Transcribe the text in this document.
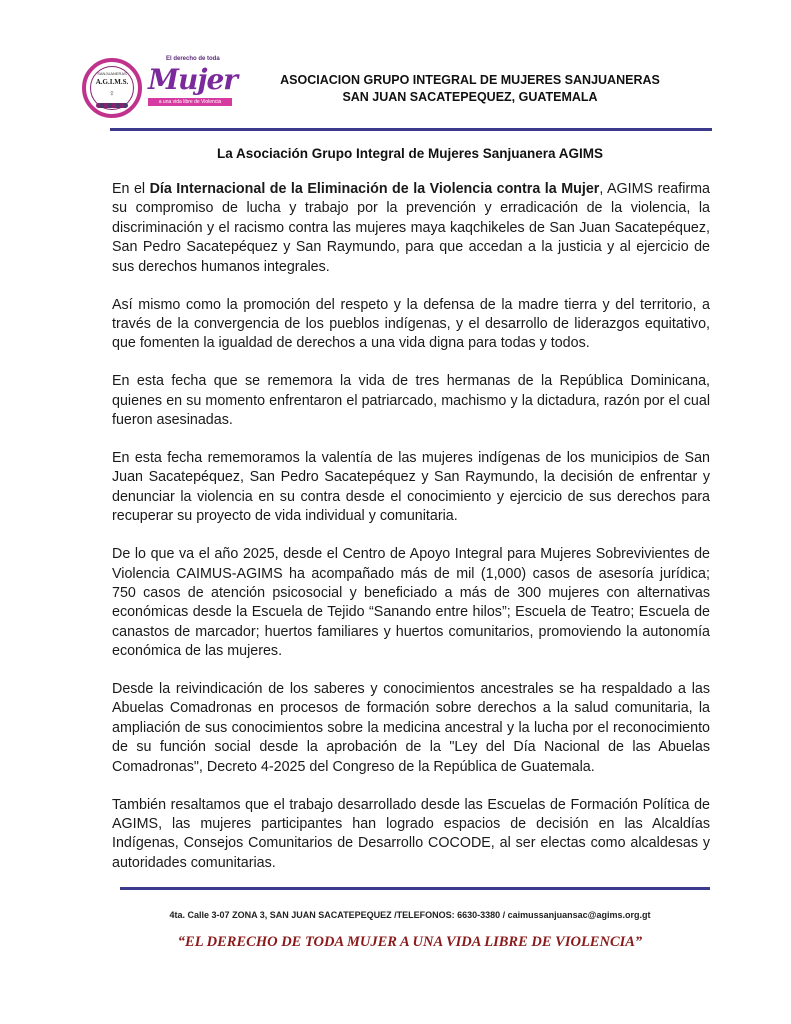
SANJUANERAS
A.G.I.M.S.
♀
El derecho de toda
Mujer
a una vida libre de Violencia
ASOCIACION GRUPO INTEGRAL DE MUJERES SANJUANERAS
SAN JUAN SACATEPEQUEZ, GUATEMALA
La Asociación Grupo Integral de Mujeres Sanjuanera AGIMS

En el Día Internacional de la Eliminación de la Violencia contra la Mujer, AGIMS reafirma su compromiso de lucha y trabajo por la prevención y erradicación de la violencia, la discriminación y el racismo contra las mujeres maya kaqchikeles de San Juan Sacatepéquez, San Pedro Sacatepéquez y San Raymundo, para que accedan a la justicia y al ejercicio de sus derechos humanos integrales.

Así mismo como la promoción del respeto y la defensa de la madre tierra y del territorio, a través de la convergencia de los pueblos indígenas, y el desarrollo de liderazgos equitativo, que fomenten la igualdad de derechos a una vida digna para todas y todos.

En esta fecha que se rememora la vida de tres hermanas de la República Dominicana, quienes en su momento enfrentaron el patriarcado, machismo y la dictadura, razón por el cual fueron asesinadas.

En esta fecha rememoramos la valentía de las mujeres indígenas de los municipios de San Juan Sacatepéquez, San Pedro Sacatepéquez y San Raymundo, la decisión de enfrentar y denunciar la violencia en su contra desde el conocimiento y ejercicio de sus derechos para recuperar su proyecto de vida individual y comunitaria.

De lo que va el año 2025, desde el Centro de Apoyo Integral para Mujeres Sobrevivientes de Violencia CAIMUS-AGIMS ha acompañado más de mil (1,000) casos de asesoría jurídica; 750 casos de atención psicosocial y beneficiado a más de 300 mujeres con alternativas económicas desde la Escuela de Tejido “Sanando entre hilos”; Escuela de Teatro; Escuela de canastos de marcador; huertos familiares y huertos comunitarios, promoviendo la autonomía económica de las mujeres.

Desde la reivindicación de los saberes y conocimientos ancestrales se ha respaldado a las Abuelas Comadronas en procesos de formación sobre derechos a la salud comunitaria, la ampliación de sus conocimientos sobre la medicina ancestral y la lucha por el reconocimiento de su función social desde la aprobación de la "Ley del Día Nacional de las Abuelas Comadronas", Decreto 4-2025 del Congreso de la República de Guatemala.

También resaltamos que el trabajo desarrollado desde las Escuelas de Formación Política de AGIMS, las mujeres participantes han logrado espacios de decisión en las Alcaldías Indígenas, Consejos Comunitarios de Desarrollo COCODE, al ser electas como alcaldesas y autoridades comunitarias.

4ta. Calle 3-07 ZONA 3, SAN JUAN SACATEPEQUEZ /TELEFONOS: 6630-3380 / caimussanjuansac@agims.org.gt
“EL DERECHO DE TODA MUJER A UNA VIDA LIBRE DE VIOLENCIA”
